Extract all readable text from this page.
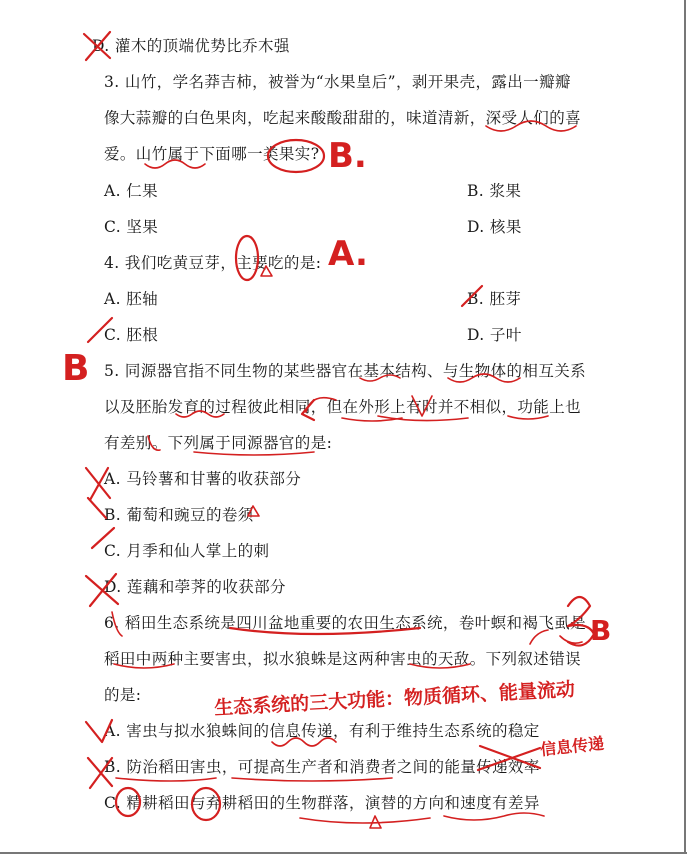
D. 灌木的顶端优势比乔木强
3. 山竹，学名莽吉柿，被誉为“水果皇后”，剥开果壳，露出一瓣瓣
像大蒜瓣的白色果肉，吃起来酸酸甜甜的，味道清新，深受人们的喜
爱。山竹属于下面哪一类果实?
A. 仁果	B. 浆果
C. 坚果	D. 核果
4. 我们吃黄豆芽，主要吃的是:
A. 胚轴	B. 胚芽
C. 胚根	D. 子叶
5. 同源器官指不同生物的某些器官在基本结构、与生物体的相互关系
以及胚胎发育的过程彼此相同，但在外形上有时并不相似，功能上也
有差别。下列属于同源器官的是:
A. 马铃薯和甘薯的收获部分
B. 葡萄和豌豆的卷须
C. 月季和仙人掌上的刺
D. 莲藕和荸荠的收获部分
6. 稻田生态系统是四川盆地重要的农田生态系统，卷叶螟和褐飞虱是
稻田中两种主要害虫，拟水狼蛛是这两种害虫的天敌。下列叙述错误
的是:
A. 害虫与拟水狼蛛间的信息传递，有利于维持生态系统的稳定
B. 防治稻田害虫，可提高生产者和消费者之间的能量传递效率
C. 精耕稻田与弃耕稻田的生物群落，演替的方向和速度有差异
B.
A.
B
B
生态系统的三大功能：物质循环、能量流动
信息传递
